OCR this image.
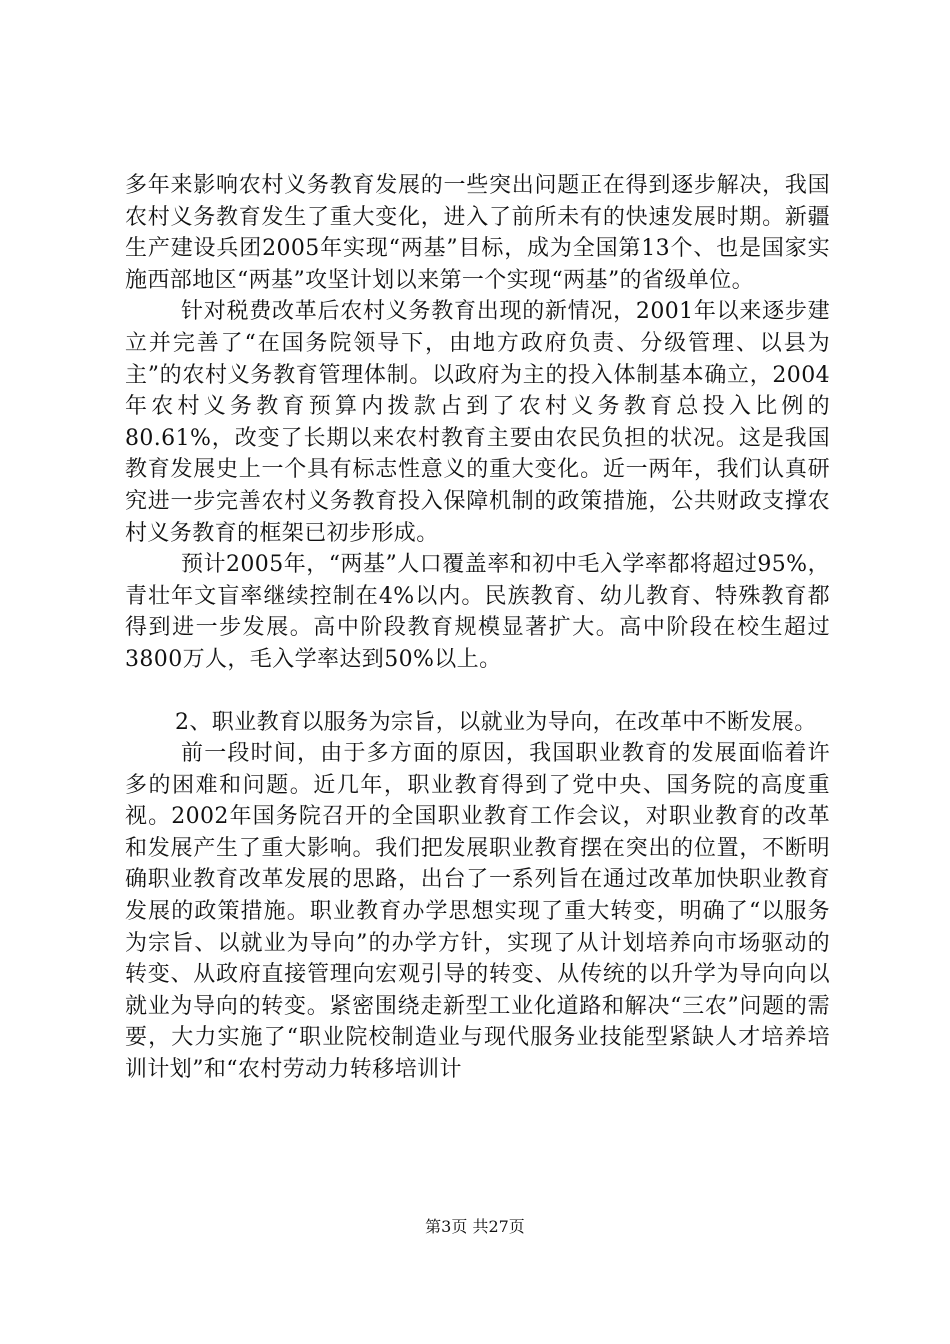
多年来影响农村义务教育发展的一些突出问题正在得到逐步解决，我国农村义务教育发生了重大变化，进入了前所未有的快速发展时期。新疆生产建设兵团2005年实现“两基”目标，成为全国第13个、也是国家实施西部地区“两基”攻坚计划以来第一个实现“两基”的省级单位。

针对税费改革后农村义务教育出现的新情况，2001年以来逐步建立并完善了“在国务院领导下，由地方政府负责、分级管理、以县为主”的农村义务教育管理体制。以政府为主的投入体制基本确立，2004年农村义务教育预算内拨款占到了农村义务教育总投入比例的80.61%，改变了长期以来农村教育主要由农民负担的状况。这是我国教育发展史上一个具有标志性意义的重大变化。近一两年，我们认真研究进一步完善农村义务教育投入保障机制的政策措施，公共财政支撑农村义务教育的框架已初步形成。

预计2005年，“两基”人口覆盖率和初中毛入学率都将超过95%，青壮年文盲率继续控制在4%以内。民族教育、幼儿教育、特殊教育都得到进一步发展。高中阶段教育规模显著扩大。高中阶段在校生超过3800万人，毛入学率达到50%以上。

2、职业教育以服务为宗旨，以就业为导向，在改革中不断发展。

前一段时间，由于多方面的原因，我国职业教育的发展面临着许多的困难和问题。近几年，职业教育得到了党中央、国务院的高度重视。2002年国务院召开的全国职业教育工作会议，对职业教育的改革和发展产生了重大影响。我们把发展职业教育摆在突出的位置，不断明确职业教育改革发展的思路，出台了一系列旨在通过改革加快职业教育发展的政策措施。职业教育办学思想实现了重大转变，明确了“以服务为宗旨、以就业为导向”的办学方针，实现了从计划培养向市场驱动的转变、从政府直接管理向宏观引导的转变、从传统的以升学为导向向以就业为导向的转变。紧密围绕走新型工业化道路和解决“三农”问题的需要，大力实施了“职业院校制造业与现代服务业技能型紧缺人才培养培训计划”和“农村劳动力转移培训计

第3页 共27页
